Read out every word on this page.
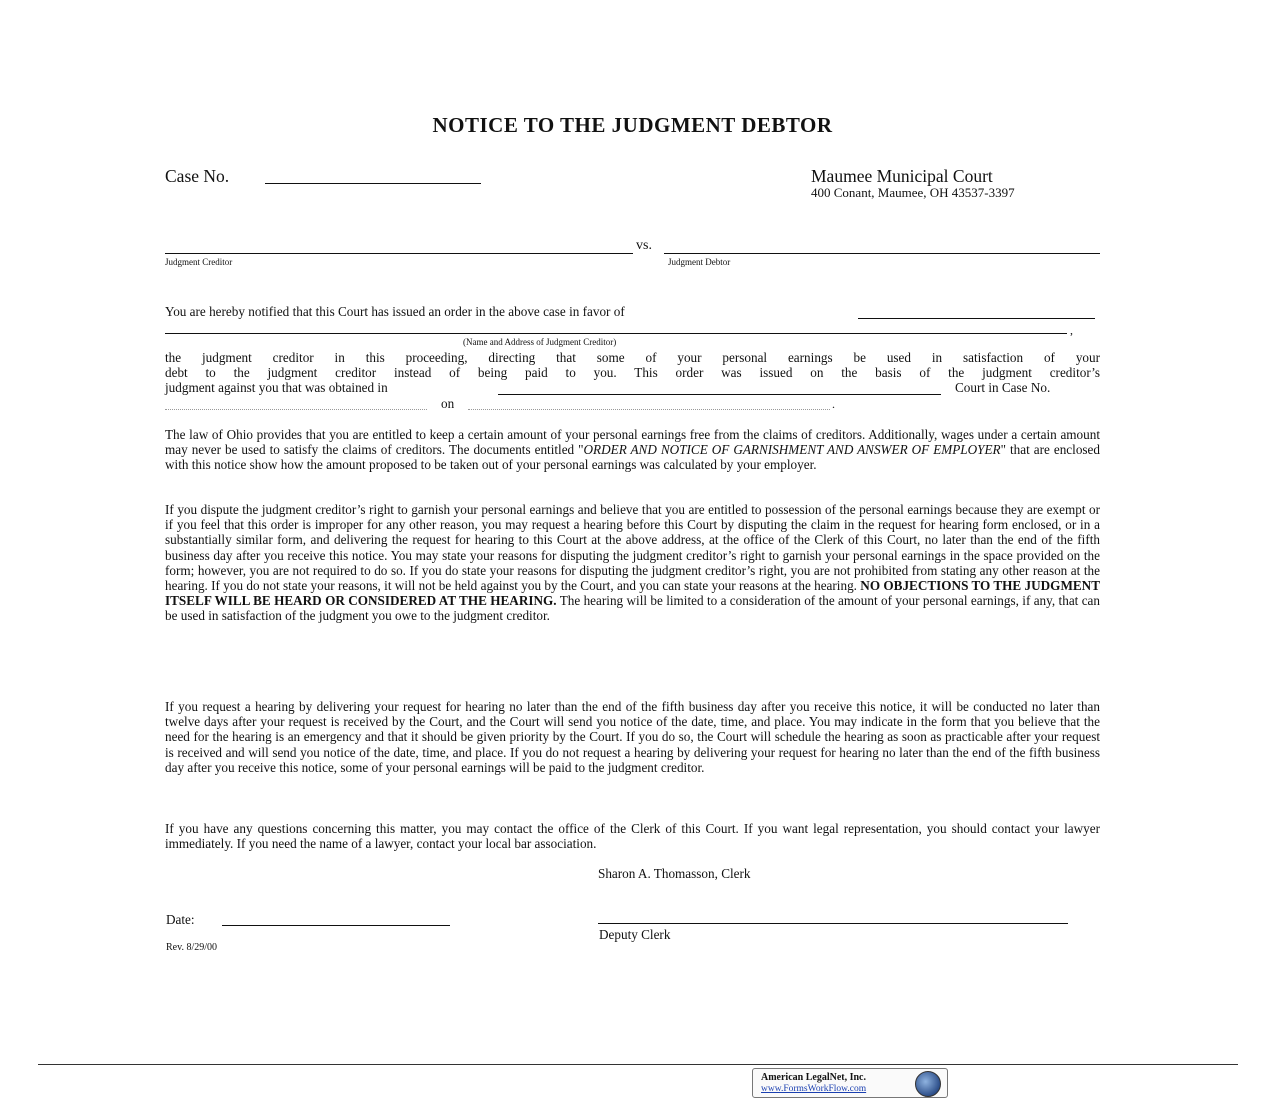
NOTICE TO THE JUDGMENT DEBTOR
Case No.	Maumee Municipal Court
400 Conant, Maumee, OH 43537-3397
vs.
Judgment Creditor	Judgment Debtor
You are hereby notified that this Court has issued an order in the above case in favor of
,
(Name and Address of Judgment Creditor)
the judgment creditor in this proceeding, directing that some of your personal earnings be used in satisfaction of your
debt to the judgment creditor instead of being paid to you. This order was issued on the basis of the judgment creditor’s
judgment against you that was obtained in	Court in Case No.
on	.
The law of Ohio provides that you are entitled to keep a certain amount of your personal earnings free from the claims of creditors. Additionally, wages under a certain amount may never be used to satisfy the claims of creditors. The documents entitled "ORDER AND NOTICE OF GARNISHMENT AND ANSWER OF EMPLOYER" that are enclosed with this notice show how the amount proposed to be taken out of your personal earnings was calculated by your employer.
If you dispute the judgment creditor’s right to garnish your personal earnings and believe that you are entitled to possession of the personal earnings because they are exempt or if you feel that this order is improper for any other reason, you may request a hearing before this Court by disputing the claim in the request for hearing form enclosed, or in a substantially similar form, and delivering the request for hearing to this Court at the above address, at the office of the Clerk of this Court, no later than the end of the fifth business day after you receive this notice. You may state your reasons for disputing the judgment creditor’s right to garnish your personal earnings in the space provided on the form; however, you are not required to do so. If you do state your reasons for disputing the judgment creditor’s right, you are not prohibited from stating any other reason at the hearing. If you do not state your reasons, it will not be held against you by the Court, and you can state your reasons at the hearing. NO OBJECTIONS TO THE JUDGMENT ITSELF WILL BE HEARD OR CONSIDERED AT THE HEARING. The hearing will be limited to a consideration of the amount of your personal earnings, if any, that can be used in satisfaction of the judgment you owe to the judgment creditor.
If you request a hearing by delivering your request for hearing no later than the end of the fifth business day after you receive this notice, it will be conducted no later than twelve days after your request is received by the Court, and the Court will send you notice of the date, time, and place. You may indicate in the form that you believe that the need for the hearing is an emergency and that it should be given priority by the Court. If you do so, the Court will schedule the hearing as soon as practicable after your request is received and will send you notice of the date, time, and place. If you do not request a hearing by delivering your request for hearing no later than the end of the fifth business day after you receive this notice, some of your personal earnings will be paid to the judgment creditor.
If you have any questions concerning this matter, you may contact the office of the Clerk of this Court. If you want legal representation, you should contact your lawyer immediately. If you need the name of a lawyer, contact your local bar association.
Sharon A. Thomasson, Clerk
Date:
Deputy Clerk
Rev. 8/29/00
American LegalNet, Inc.
www.FormsWorkFlow.com
